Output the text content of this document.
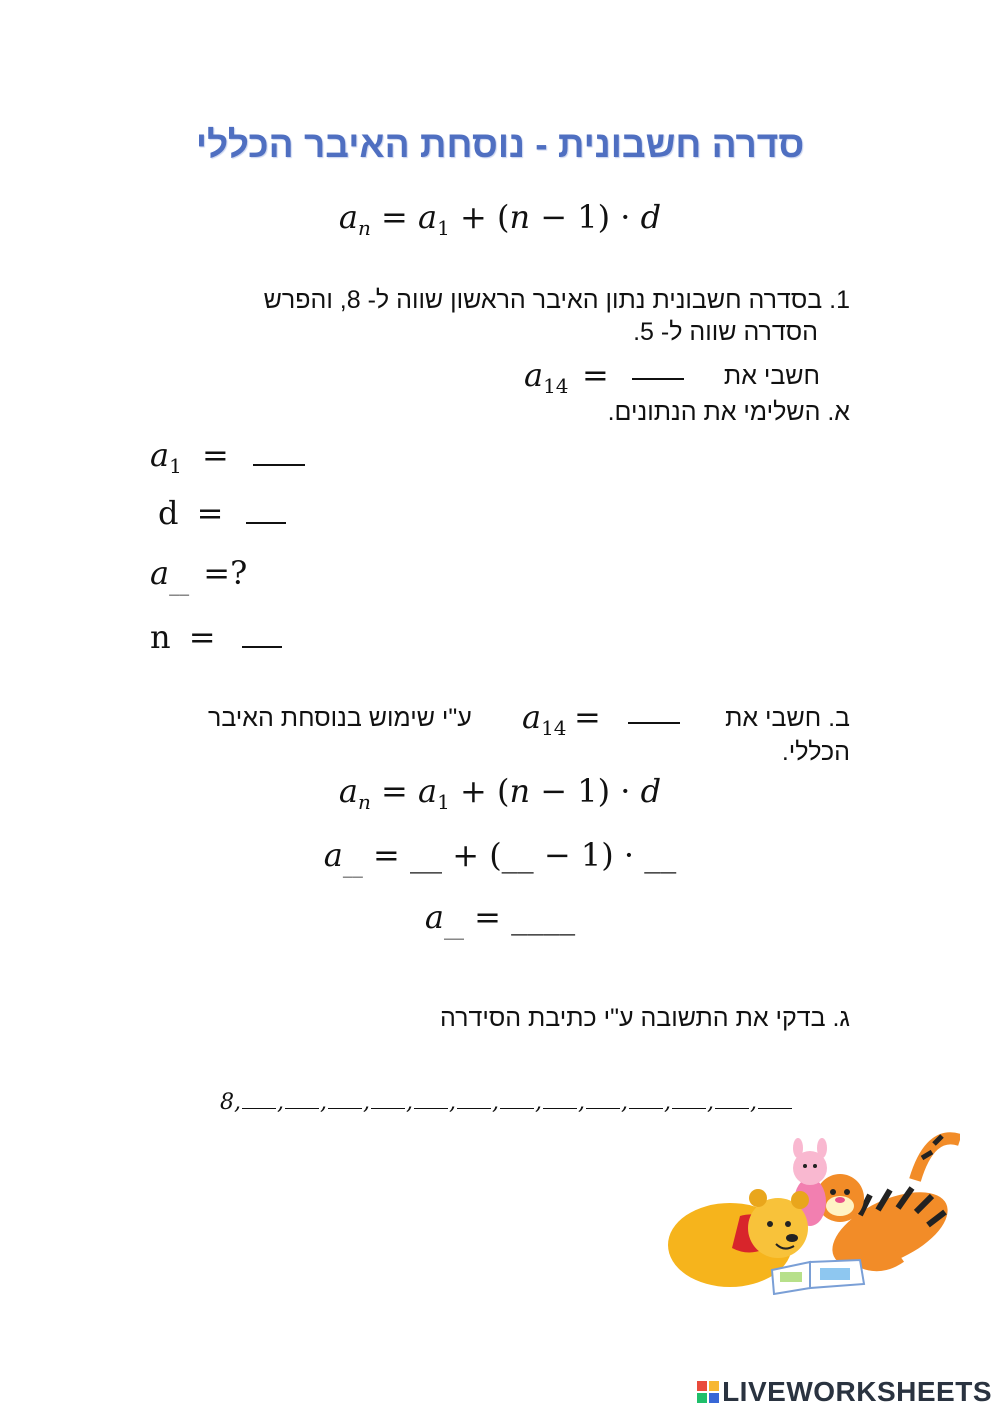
סדרה חשבונית - נוסחת האיבר הכללי
$a_n = a_1 + (n - 1) \cdot d$
1. בסדרה חשבונית נתון האיבר הראשון שווה ל- 8, והפרש
הסדרה שווה ל- 5.
$a_{14}$ =	חשבי את
א. השלימי את הנתונים.
$a_1$ =
d =
$a_{\_\_}$ =?
n =
ב. חשבי את
=
$a_{14}$
ע"י שימוש בנוסחת האיבר
הכללי.
$a_n = a_1 + (n - 1) \cdot d$
$a_{\_\_}$ = __ + (__ − 1) · __
$a_{\_\_}$ = ____
ג. בדקי את התשובה ע"י כתיבת הסידרה
8, , , , , , , , , , , , ,
LIVEWORKSHEETS
